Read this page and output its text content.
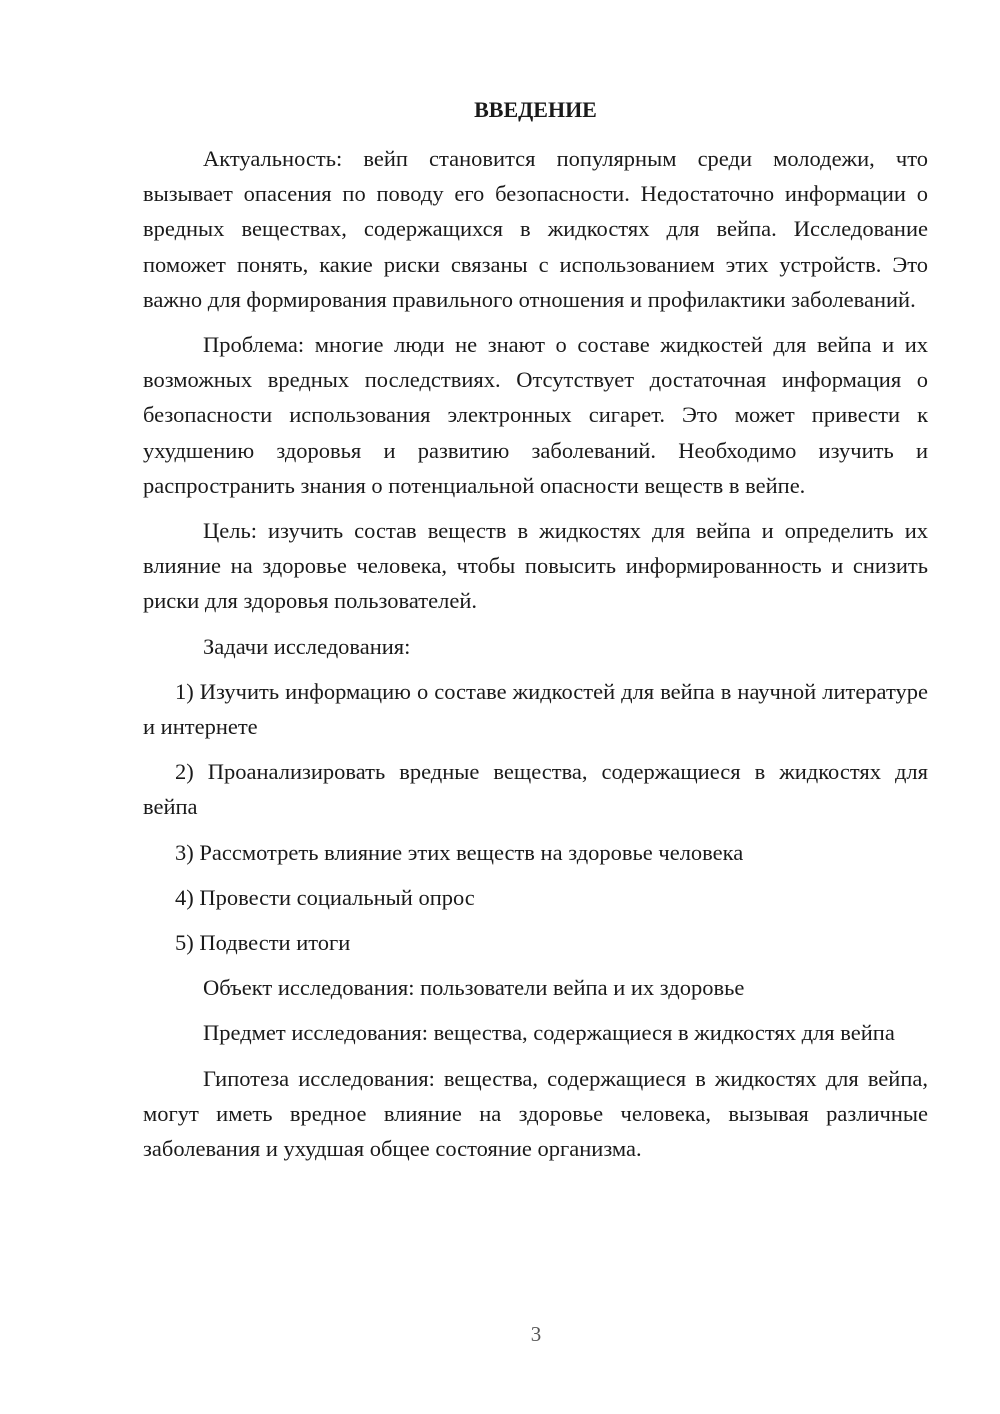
ВВЕДЕНИЕ

Актуальность: вейп становится популярным среди молодежи, что вызывает опасения по поводу его безопасности. Недостаточно информации о вредных веществах, содержащихся в жидкостях для вейпа. Исследование поможет понять, какие риски связаны с использованием этих устройств. Это важно для формирования правильного отношения и профилактики заболеваний.

Проблема: многие люди не знают о составе жидкостей для вейпа и их возможных вредных последствиях. Отсутствует достаточная информация о безопасности использования электронных сигарет. Это может привести к ухудшению здоровья и развитию заболеваний. Необходимо изучить и распространить знания о потенциальной опасности веществ в вейпе.

Цель: изучить состав веществ в жидкостях для вейпа и определить их влияние на здоровье человека, чтобы повысить информированность и снизить риски для здоровья пользователей.

Задачи исследования:

1) Изучить информацию о составе жидкостей для вейпа в научной литературе и интернете

2) Проанализировать вредные вещества, содержащиеся в жидкостях для вейпа

3) Рассмотреть влияние этих веществ на здоровье человека

4) Провести социальный опрос

5) Подвести итоги

Объект исследования: пользователи вейпа и их здоровье

Предмет исследования: вещества, содержащиеся в жидкостях для вейпа

Гипотеза исследования: вещества, содержащиеся в жидкостях для вейпа, могут иметь вредное влияние на здоровье человека, вызывая различные заболевания и ухудшая общее состояние организма.

3
